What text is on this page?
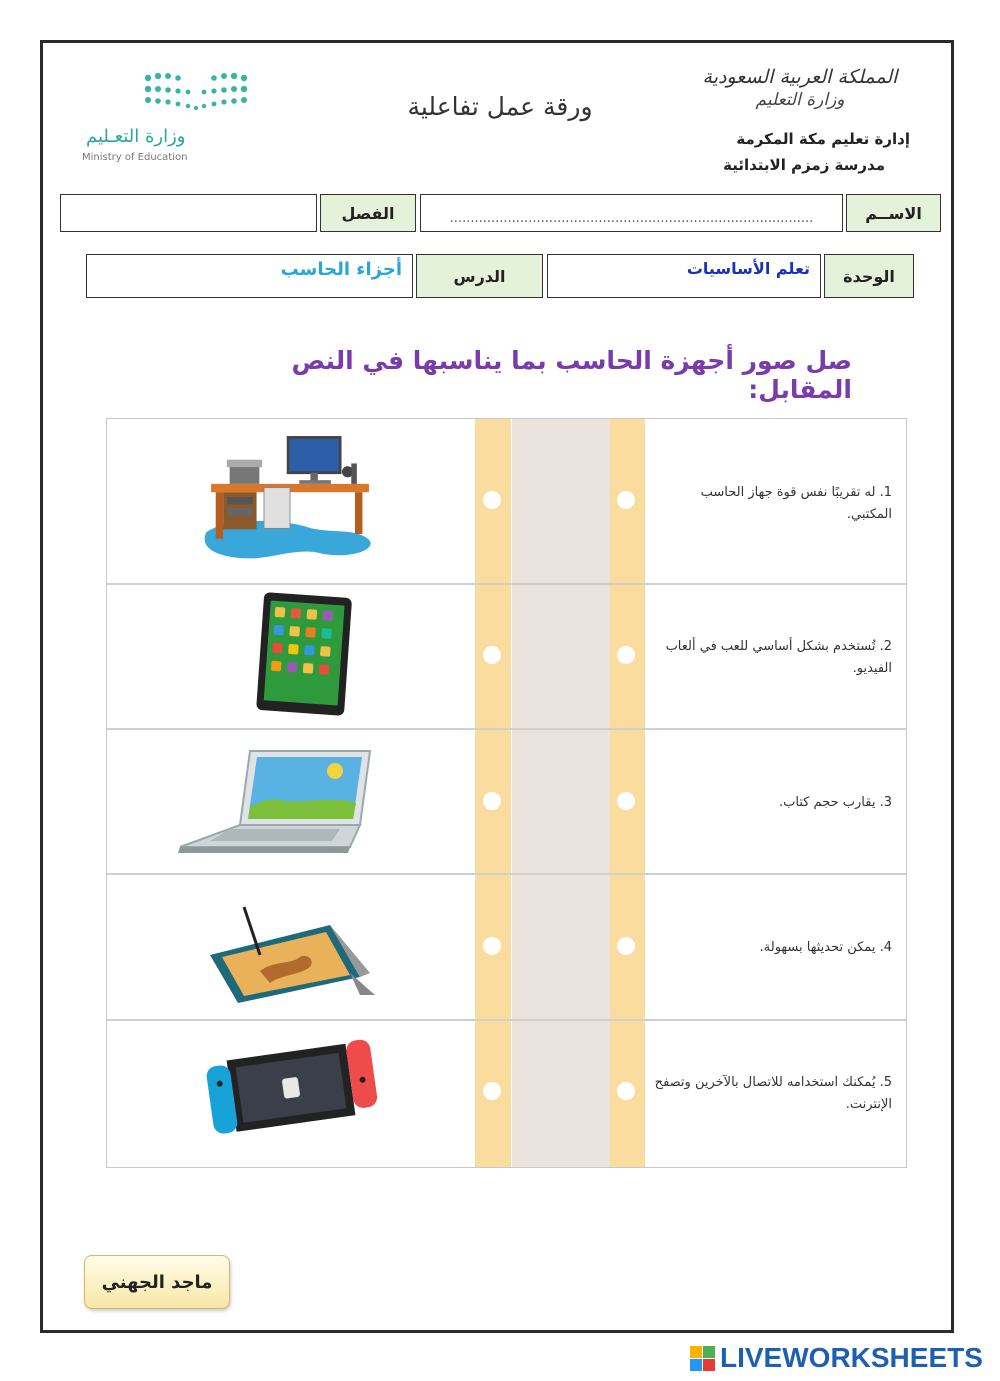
المملكة العربية السعودية
وزارة التعليم
إدارة تعليم مكة المكرمة
مدرسة زمزم الابتدائية
ورقة عمل تفاعلية
وزارة التعـليم
Ministry of Education
الاســم
........................................................................................
الفصل
الوحدة
تعلم الأساسيات
الدرس
أجزاء الحاسب
صل صور أجهزة الحاسب بما يناسبها في النص المقابل:
1. له تقريبًا نفس قوة جهاز الحاسب المكتبي.
2. تُستخدم بشكل أساسي للعب في ألعاب الفيديو.
3. يقارب حجم كتاب.
4. يمكن تحديثها بسهولة.
5. يُمكنك استخدامه للاتصال بالآخرين وتصفح الإنترنت.
ماجد الجهني
LIVEWORKSHEETS
